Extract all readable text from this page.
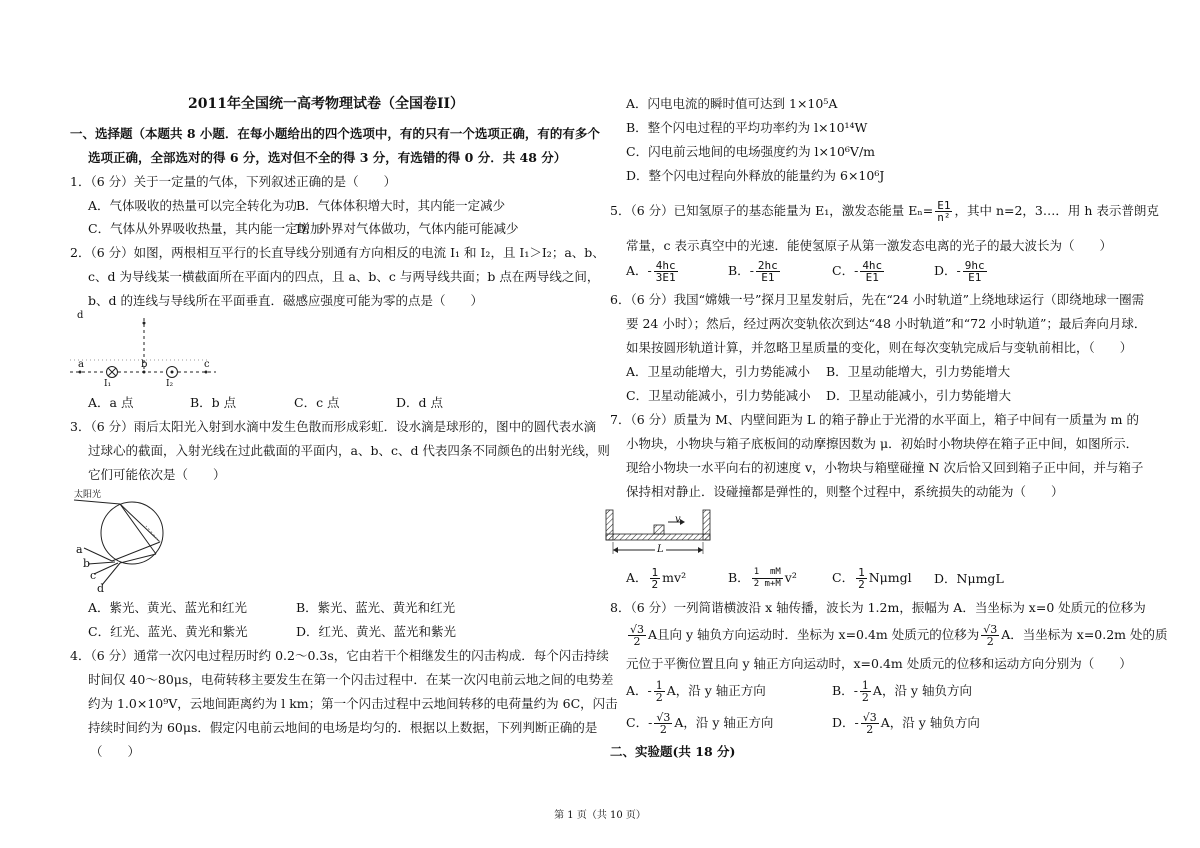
2011年全国统一高考物理试卷（全国卷II）
一、选择题（本题共 8 小题．在每小题给出的四个选项中，有的只有一个选项正确，有的有多个
选项正确，全部选对的得 6 分，选对但不全的得 3 分，有选错的得 0 分．共 48 分）
1．（6 分）关于一定量的气体，下列叙述正确的是（　　）
A．气体吸收的热量可以完全转化为功
B．气体体积增大时，其内能一定减少
C．气体从外界吸收热量，其内能一定增加
D．外界对气体做功，气体内能可能减少
2．（6 分）如图，两根相互平行的长直导线分别通有方向相反的电流 I₁ 和 I₂，且 I₁＞I₂；a、b、
c、d 为导线某一横截面所在平面内的四点，且 a、b、c 与两导线共面；b 点在两导线之间，
b、d 的连线与导线所在平面垂直．磁感应强度可能为零的点是（　　）
d
a	b	c
I₁	I₂
A．a 点	B．b 点	C．c 点	D．d 点
3．（6 分）雨后太阳光入射到水滴中发生色散而形成彩虹．设水滴是球形的，图中的圆代表水滴
过球心的截面，入射光线在过此截面的平面内，a、b、c、d 代表四条不同颜色的出射光线，则
它们可能依次是（　　）
太阳光
a
b
c
d
A．紫光、黄光、蓝光和红光	B．紫光、蓝光、黄光和红光
C．红光、蓝光、黄光和紫光	D．红光、黄光、蓝光和紫光
4．（6 分）通常一次闪电过程历时约 0.2～0.3s，它由若干个相继发生的闪击构成．每个闪击持续
时间仅 40～80μs，电荷转移主要发生在第一个闪击过程中．在某一次闪电前云地之间的电势差
约为 1.0×10⁹V，云地间距离约为 l km；第一个闪击过程中云地间转移的电荷量约为 6C，闪击
持续时间约为 60μs．假定闪电前云地间的电场是均匀的．根据以上数据，下列判断正确的是
（　　）
A．闪电电流的瞬时值可达到 1×10⁵A
B．整个闪电过程的平均功率约为 l×10¹⁴W
C．闪电前云地间的电场强度约为 l×10⁶V/m
D．整个闪电过程向外释放的能量约为 6×10⁶J
5．（6 分）已知氢原子的基态能量为 E₁，激发态能量 $E_n= \frac{E1}{\text{n²}}$ ，其中 n=2，3…．用 h 表示普朗克
常量，c 表示真空中的光速．能使氢原子从第一激发态电离的光子的最大波长为（　　）
A．- $\frac{4hc}{3E1}$	B．- $\frac{2hc}{E1}$	C．- $\frac{4hc}{E1}$	D．- $\frac{9hc}{E1}$
6．（6 分）我国“嫦娥一号”探月卫星发射后，先在“24 小时轨道”上绕地球运行（即绕地球一圈需
要 24 小时）；然后，经过两次变轨依次到达“48 小时轨道”和“72 小时轨道”；最后奔向月球．
如果按圆形轨道计算，并忽略卫星质量的变化，则在每次变轨完成后与变轨前相比，（　　）
A．卫星动能增大，引力势能减小 B．卫星动能增大，引力势能增大
C．卫星动能减小，引力势能减小 D．卫星动能减小，引力势能增大
7．（6 分）质量为 M、内壁间距为 L 的箱子静止于光滑的水平面上，箱子中间有一质量为 m 的
小物块，小物块与箱子底板间的动摩擦因数为 μ．初始时小物块停在箱子正中间，如图所示．
现给小物块一水平向右的初速度 v，小物块与箱壁碰撞 N 次后恰又回到箱子正中间，并与箱子
保持相对静止．设碰撞都是弹性的，则整个过程中，系统损失的动能为（　　）
v
L
A． $\frac{1}{2} mv^2$	B． $\frac{1 mM}{2 m+M} v^2$	C． $\frac{1}{2}$ Nμmgl D．NμmgL
8．（6 分）一列简谐横波沿 x 轴传播，波长为 1.2m，振幅为 A．当坐标为 x=0 处质元的位移为
$\frac{√3}{2}$ A且向 y 轴负方向运动时．坐标为 x=0.4m 处质元的位移为 $\frac{√3}{2}$ A．当坐标为 x=0.2m 处的质
元位于平衡位置且向 y 轴正方向运动时，x=0.4m 处质元的位移和运动方向分别为（　　）
A．- $\frac{1}{2}$ A，沿 y 轴正方向	B．- $\frac{1}{2}$ A，沿 y 轴负方向
C．- $\frac{√3}{2}$ A，沿 y 轴正方向	D．- $\frac{√3}{2}$ A，沿 y 轴负方向
二、实验题(共 18 分)
第 1 页（共 10 页）
